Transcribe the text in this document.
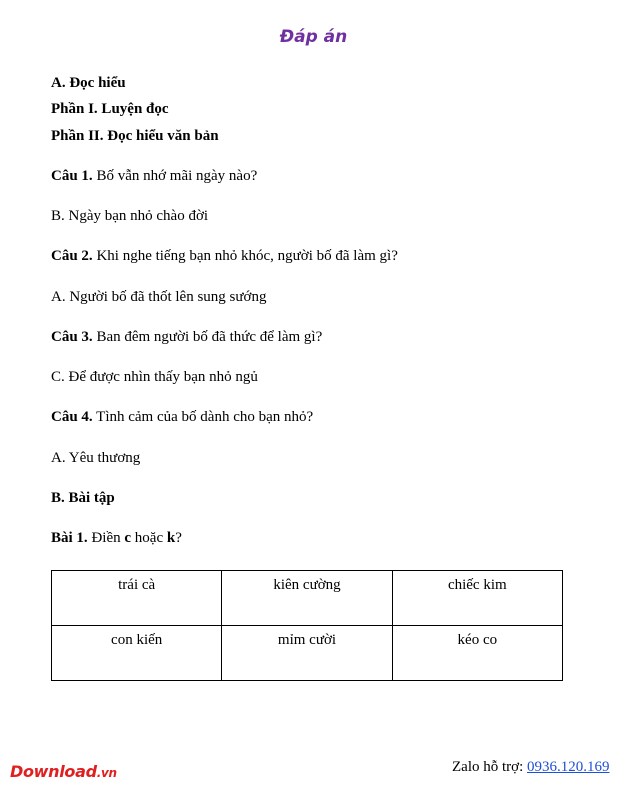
Đáp án
A. Đọc hiểu
Phần I. Luyện đọc
Phần II. Đọc hiểu văn bản
Câu 1. Bố vẫn nhớ mãi ngày nào?
B. Ngày bạn nhỏ chào đời
Câu 2. Khi nghe tiếng bạn nhỏ khóc, người bố đã làm gì?
A. Người bố đã thốt lên sung sướng
Câu 3. Ban đêm người bố đã thức để làm gì?
C. Để được nhìn thấy bạn nhỏ ngủ
Câu 4. Tình cảm của bố dành cho bạn nhỏ?
A. Yêu thương
B. Bài tập
Bài 1. Điền c hoặc k?
trái cà	kiên cường	chiếc kim
con kiến	mỉm cười	kéo co
Download.vn	Zalo hỗ trợ: 0936.120.169
